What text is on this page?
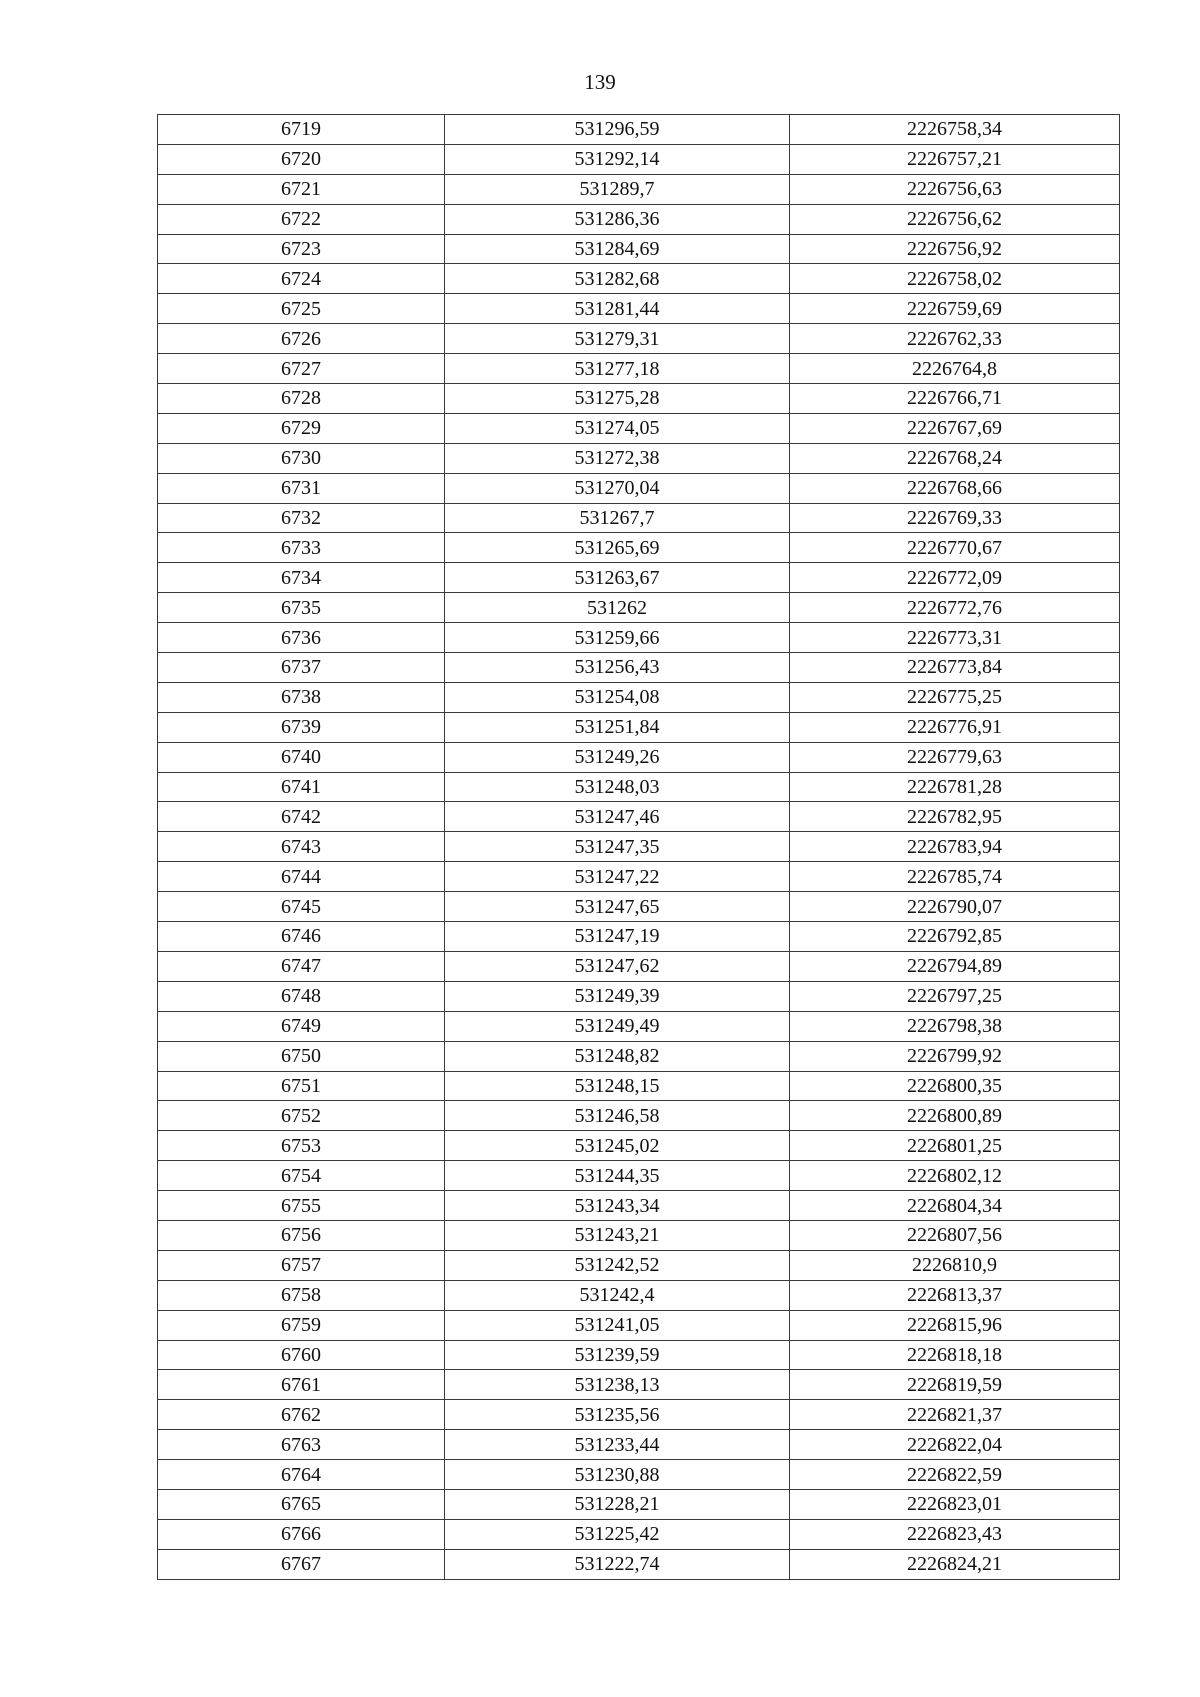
139
6719	531296,59	2226758,34
6720	531292,14	2226757,21
6721	531289,7	2226756,63
6722	531286,36	2226756,62
6723	531284,69	2226756,92
6724	531282,68	2226758,02
6725	531281,44	2226759,69
6726	531279,31	2226762,33
6727	531277,18	2226764,8
6728	531275,28	2226766,71
6729	531274,05	2226767,69
6730	531272,38	2226768,24
6731	531270,04	2226768,66
6732	531267,7	2226769,33
6733	531265,69	2226770,67
6734	531263,67	2226772,09
6735	531262	2226772,76
6736	531259,66	2226773,31
6737	531256,43	2226773,84
6738	531254,08	2226775,25
6739	531251,84	2226776,91
6740	531249,26	2226779,63
6741	531248,03	2226781,28
6742	531247,46	2226782,95
6743	531247,35	2226783,94
6744	531247,22	2226785,74
6745	531247,65	2226790,07
6746	531247,19	2226792,85
6747	531247,62	2226794,89
6748	531249,39	2226797,25
6749	531249,49	2226798,38
6750	531248,82	2226799,92
6751	531248,15	2226800,35
6752	531246,58	2226800,89
6753	531245,02	2226801,25
6754	531244,35	2226802,12
6755	531243,34	2226804,34
6756	531243,21	2226807,56
6757	531242,52	2226810,9
6758	531242,4	2226813,37
6759	531241,05	2226815,96
6760	531239,59	2226818,18
6761	531238,13	2226819,59
6762	531235,56	2226821,37
6763	531233,44	2226822,04
6764	531230,88	2226822,59
6765	531228,21	2226823,01
6766	531225,42	2226823,43
6767	531222,74	2226824,21
